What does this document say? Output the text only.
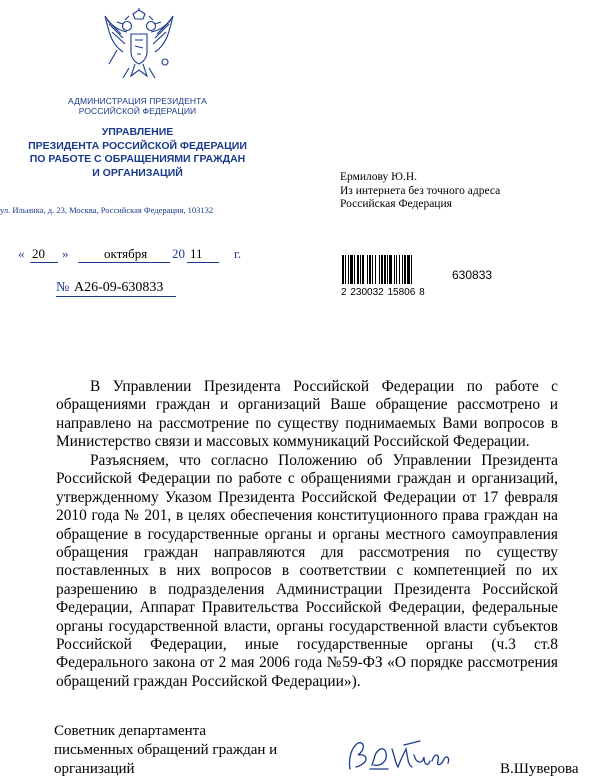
АДМИНИСТРАЦИЯ ПРЕЗИДЕНТА
РОССИЙСКОЙ ФЕДЕРАЦИИ
УПРАВЛЕНИЕ
ПРЕЗИДЕНТА РОССИЙСКОЙ ФЕДЕРАЦИИ
ПО РАБОТЕ С ОБРАЩЕНИЯМИ ГРАЖДАН
И ОРГАНИЗАЦИЙ
ул. Ильинка, д. 23, Москва, Российская Федерация, 103132
« 20 »	октября 20 11 г.
№ А26-09-630833
Ермилову Ю.Н.
Из интернета без точного адреса
Российская Федерация
2 230032 15806 8
630833
В Управлении Президента Российской Федерации по работе с обращениями граждан и организаций Ваше обращение рассмотрено и направлено на рассмотрение по существу поднимаемых Вами вопросов в Министерство связи и массовых коммуникаций Российской Федерации.
Разъясняем, что согласно Положению об Управлении Президента Российской Федерации по работе с обращениями граждан и организаций, утвержденному Указом Президента Российской Федерации от 17 февраля 2010 года № 201, в целях обеспечения конституционного права граждан на обращение в государственные органы и органы местного самоуправления обращения граждан направляются для рассмотрения по существу поставленных в них вопросов в соответствии с компетенцией по их разрешению в подразделения Администрации Президента Российской Федерации, Аппарат Правительства Российской Федерации, федеральные органы государственной власти, органы государственной власти субъектов Российской Федерации, иные государственные органы (ч.3 ст.8 Федерального закона от 2 мая 2006 года №59-ФЗ «О порядке рассмотрения обращений граждан Российской Федерации»).
Советник департамента
письменных обращений граждан и
организаций	В.Шуверова
